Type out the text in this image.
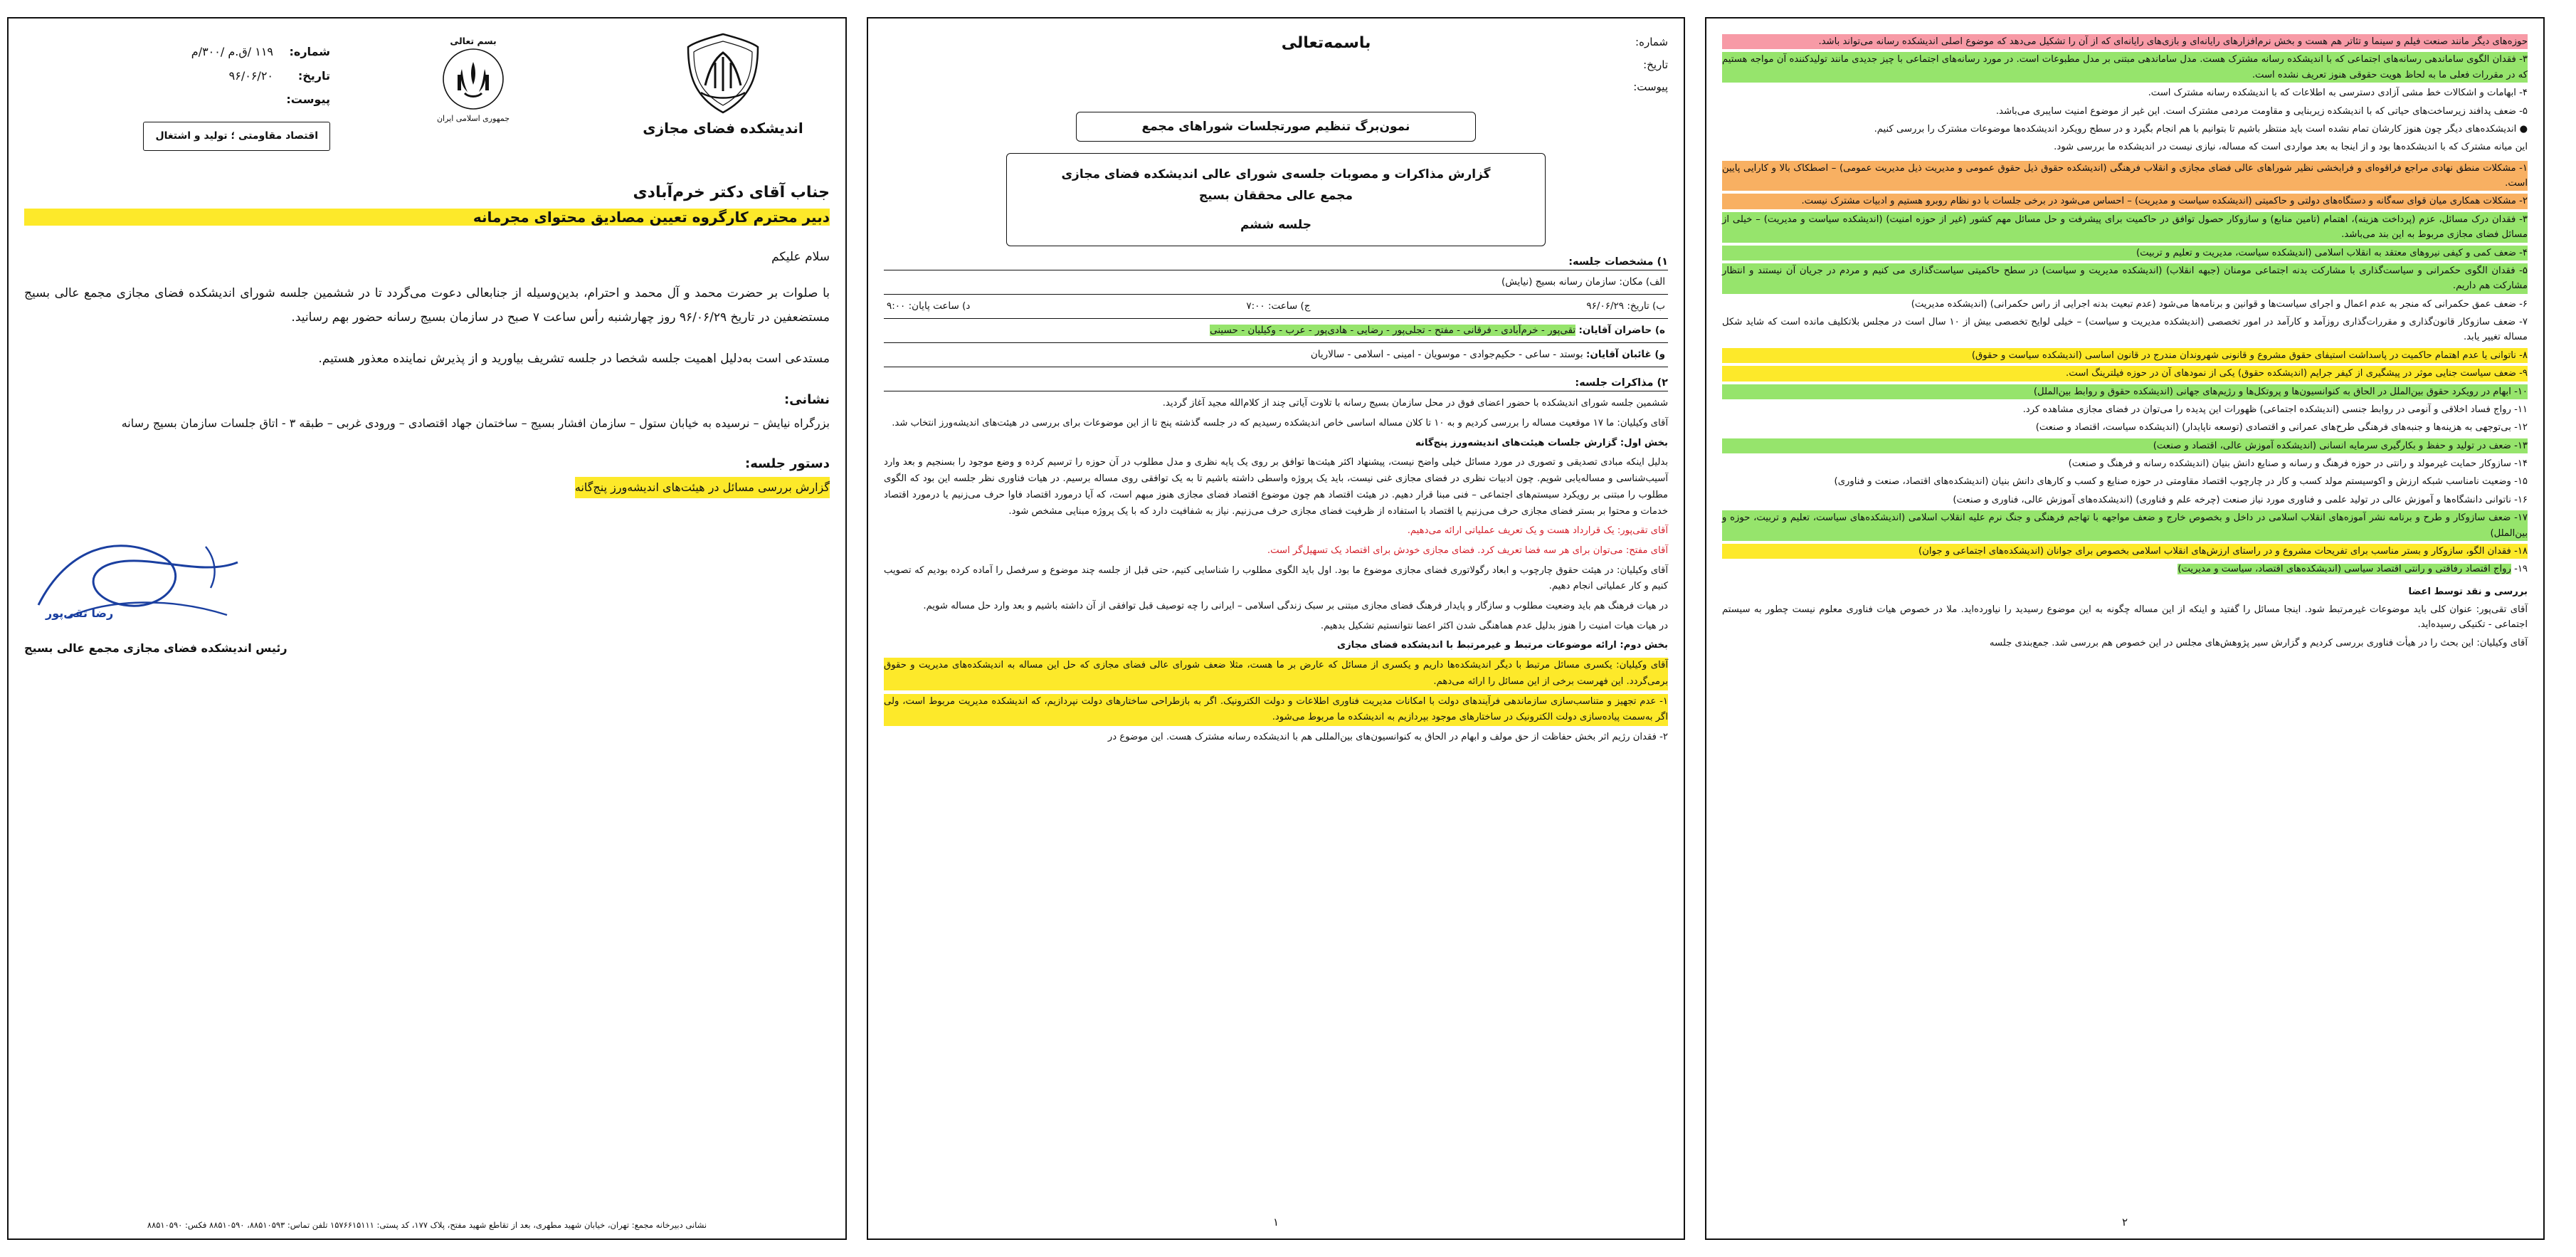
اندیشکده فضای مجازی
بسم تعالی
جمهوری اسلامی ایران
شماره:
۱۱۹ /ق.م /۳۰۰/م
تاریخ:
۹۶/۰۶/۲۰
پیوست:
اقتصاد مقاومتی ؛ تولید و اشتغال
جناب آقای دکتر خرم‌آبادی
دبیر محترم کارگروه تعیین مصادیق محتوای مجرمانه
سلام علیکم
با صلوات بر حضرت محمد و آل محمد و احترام، بدین‌وسیله از جنابعالی دعوت می‌گردد تا در ششمین جلسه شورای اندیشکده فضای مجازی مجمع عالی بسیج مستضعفین در تاریخ ۹۶/۰۶/۲۹ روز چهارشنبه رأس ساعت ۷ صبح در سازمان بسیج رسانه حضور بهم رسانید.
مستدعی است به‌دلیل اهمیت جلسه شخصا در جلسه تشریف بیاورید و از پذیرش نماینده معذور هستیم.
نشانی:
بزرگراه نیایش – نرسیده به خیابان ستول – سازمان افشار بسیج – ساختمان جهاد اقتصادی – ورودی غربی – طبقه ۳ - اتاق جلسات سازمان بسیج رسانه
دستور جلسه:
گزارش بررسی مسائل در هیئت‌های اندیشه‌ورز پنج‌گانه
رضا تقی‌پور
رئیس اندیشکده فضای مجازی مجمع عالی بسیج
نشانی دبیرخانه مجمع: تهران، خیابان شهید مطهری، بعد از تقاطع شهید مفتح، پلاک ۱۷۷، کد پستی: ۱۵۷۶۶۱۵۱۱۱ تلفن تماس: ۸۸۵۱۰۵۹۳، ۸۸۵۱۰۵۹۰ فکس: ۸۸۵۱۰۵۹۰
شماره:
تاریخ:
پیوست:
باسمه‌تعالی
نمون‌برگ تنظیم صورتجلسات شوراهای مجمع
گزارش مذاکرات و مصوبات جلسه‌ی شورای عالی اندیشکده فضای مجازی
مجمع عالی محققان بسیج
جلسه ششم
۱) مشخصات جلسه:
الف) مکان: سازمان رسانه بسیج (نیایش)
ب) تاریخ: ۹۶/۰۶/۲۹
ج) ساعت: ۷:۰۰
د) ساعت پایان: ۹:۰۰
ه) حاضران آقایان: تقی‌پور - خرم‌آبادی - فرقانی - مفتح - تجلی‌پور - رضایی - هادی‌پور - عرب - وکیلیان - حسینی
و) غائبان آقایان: بوستد - ساعی - حکیم‌جوادی - موسویان - امینی - اسلامی - سالاریان
۲) مذاکرات جلسه:

ششمین جلسه شورای اندیشکده با حضور اعضای فوق در محل سازمان بسیج رسانه با تلاوت آیاتی چند از کلام‌الله مجید آغاز گردید.

آقای وکیلیان: ما ۱۷ موقعیت مساله را بررسی کردیم و به ۱۰ تا کلان مساله اساسی خاص اندیشکده رسیدیم که در جلسه گذشته پنج تا از این موضوعات برای بررسی در هیئت‌های اندیشه‌ورز انتخاب شد.

بخش اول: گزارش جلسات هیئت‌های اندیشه‌ورز پنج‌گانه

بدلیل اینکه مبادی تصدیقی و تصوری در مورد مسائل خیلی واضح نیست، پیشنهاد اکثر هیئت‌ها توافق بر روی یک پایه نظری و مدل مطلوب در آن حوزه را ترسیم کرده و وضع موجود را بسنجیم و بعد وارد آسیب‌شناسی و مساله‌یابی شویم. چون ادبیات نظری در فضای مجازی غنی نیست، باید یک پروژه واسطی داشته باشیم تا به یک توافقی روی مساله برسیم. در هیات فناوری نظر جلسه این بود که الگوی مطلوب را مبتنی بر رویکرد سیستم‌های اجتماعی – فنی مبنا قرار دهیم. در هیئت اقتصاد هم چون موضوع اقتصاد فضای مجازی هنوز مبهم است، که آیا درمورد اقتصاد فاوا حرف می‌زنیم یا درمورد اقتصاد خدمات و محتوا بر بستر فضای مجازی حرف می‌زنیم یا اقتصاد با استفاده از ظرفیت فضای مجازی حرف می‌زنیم. نیاز به شفافیت دارد که با یک پروژه مبنایی مشخص شود.

آقای تقی‌پور: یک قرارداد هست و یک تعریف عملیاتی ارائه می‌دهیم.

آقای مفتح: می‌توان برای هر سه فضا تعریف کرد. فضای مجازی خودش برای اقتصاد یک تسهیل‌گر است.

آقای وکیلیان: در هیئت حقوق چارچوب و ابعاد رگولاتوری فضای مجازی موضوع ما بود. اول باید الگوی مطلوب را شناسایی کنیم، حتی قبل از جلسه چند موضوع و سرفصل را آماده کرده بودیم که تصویب کنیم و کار عملیاتی انجام دهیم.

در هیات فرهنگ هم باید وضعیت مطلوب و سازگار و پایدار فرهنگ فضای مجازی مبتنی بر سبک زندگی اسلامی – ایرانی را چه توصیف قبل توافقی از آن داشته باشیم و بعد وارد حل مساله شویم.

در هیات هیات امنیت را هنوز بدلیل عدم هماهنگی شدن اکثر اعضا نتوانستیم تشکیل بدهیم.

بخش دوم: ارائه موضوعات مرتبط و غیرمرتبط با اندیشکده فضای مجازی

آقای وکیلیان: یکسری مسائل مرتبط با دیگر اندیشکده‌ها داریم و یکسری از مسائل که عارض بر ما هست، مثلا ضعف شورای عالی فضای مجازی که حل این مساله به اندیشکده‌های مدیریت و حقوق برمی‌گردد. این فهرست برخی از این مسائل را ارائه می‌دهم.

۱- عدم تجهیز و متناسب‌سازی سازماندهی فرآیندهای دولت با امکانات مدیریت فناوری اطلاعات و دولت الکترونیک. اگر به بازطراحی ساختارهای دولت نپردازیم، که اندیشکده مدیریت مربوط است، ولی اگر به‌سمت پیاده‌سازی دولت الکترونیک در ساختارهای موجود بپردازیم به اندیشکده ما مربوط می‌شود.

۲- فقدان رژیم اثر بخش حفاظت از حق مولف و ابهام در الحاق به کنوانسیون‌های بین‌المللی هم با اندیشکده رسانه مشترک هست. این موضوع در

۱

حوزه‌های دیگر مانند صنعت فیلم و سینما و تئاتر هم هست و بخش نرم‌افزارهای رایانه‌ای و بازی‌های رایانه‌ای که از آن را تشکیل می‌دهد که موضوع اصلی اندیشکده رسانه می‌تواند باشد.

۳- فقدان الگوی ساماندهی رسانه‌های اجتماعی که با اندیشکده رسانه مشترک هست. مدل ساماندهی مبتنی بر مدل مطبوعات است. در مورد رسانه‌های اجتماعی با چیز جدیدی مانند تولیدکننده آن مواجه هستیم که در مقررات فعلی ما به لحاظ هویت حقوقی هنوز تعریف نشده است.

۴- ابهامات و اشکالات خط مشی آزادی دسترسی به اطلاعات که با اندیشکده رسانه مشترک است.

۵- ضعف پدافند زیرساخت‌های حیاتی که با اندیشکده زیربنایی و مقاومت مردمی مشترک است. این غیر از موضوع امنیت سایبری می‌باشد.

● اندیشکده‌های دیگر چون هنوز کارشان تمام نشده است باید منتظر باشیم تا بتوانیم با هم انجام بگیرد و در سطح رویکرد اندیشکده‌ها موضوعات مشترک را بررسی کنیم.

این میانه مشترک که با اندیشکده‌ها بود و از اینجا به بعد مواردی است که مساله، نیازی نیست در اندیشکده ما بررسی شود.

۱- مشکلات منطق نهادی مراجع فراقوه‌ای و فرابخشی نظیر شوراهای عالی فضای مجازی و انقلاب فرهنگی (اندیشکده حقوق ذیل حقوق عمومی و مدیریت ذیل مدیریت عمومی) – اصطکاک بالا و کارایی پایین است.

۲- مشکلات همکاری میان قوای سه‌گانه و دستگاه‌های دولتی و حاکمیتی (اندیشکده سیاست و مدیریت) – احساس می‌شود در برخی جلسات با دو نظام روبرو هستیم و ادبیات مشترک نیست.

۳- فقدان درک مسائل، عزم (پرداخت هزینه)، اهتمام (تامین منابع) و سازوکار حصول توافق در حاکمیت برای پیشرفت و حل مسائل مهم کشور (غیر از حوزه امنیت) (اندیشکده سیاست و مدیریت) – خیلی از مسائل فضای مجازی مربوط به این بند می‌باشد.

۴- ضعف کمی و کیفی نیروهای معتقد به انقلاب اسلامی (اندیشکده سیاست، مدیریت و تعلیم و تربیت)

۵- فقدان الگوی حکمرانی و سیاست‌گذاری با مشارکت بدنه اجتماعی مومنان (جبهه انقلاب) (اندیشکده مدیریت و سیاست) در سطح حاکمیتی سیاست‌گذاری می کنیم و مردم در جریان آن نیستند و انتظار مشارکت هم داریم.

۶- ضعف عمق حکمرانی که منجر به عدم اعمال و اجرای سیاست‌ها و قوانین و برنامه‌ها می‌شود (عدم تبعیت بدنه اجرایی از راس حکمرانی) (اندیشکده مدیریت)

۷- ضعف سازوکار قانون‌گذاری و مقررات‌گذاری روزآمد و کارآمد در امور تخصصی (اندیشکده مدیریت و سیاست) – خیلی لوایح تخصصی بیش از ۱۰ سال است در مجلس بلاتکلیف مانده است که شاید شکل مساله تغییر یابد.

۸- ناتوانی یا عدم اهتمام حاکمیت در پاسداشت استیفای حقوق مشروع و قانونی شهروندان مندرج در قانون اساسی (اندیشکده سیاست و حقوق)

۹- ضعف سیاست جنایی موثر در پیشگیری از کیفر جرایم (اندیشکده حقوق) یکی از نمودهای آن در حوزه فیلترینگ است.

۱۰- ابهام در رویکرد حقوق بین‌الملل در الحاق به کنوانسیون‌ها و پروتکل‌ها و رژیم‌های جهانی (اندیشکده حقوق و روابط بین‌الملل)

۱۱- رواج فساد اخلاقی و آنومی در روابط جنسی (اندیشکده اجتماعی) ظهورات این پدیده را می‌توان در فضای مجازی مشاهده کرد.

۱۲- بی‌توجهی به هزینه‌ها و جنبه‌های فرهنگی طرح‌های عمرانی و اقتصادی (توسعه ناپایدار) (اندیشکده سیاست، اقتصاد و صنعت)

۱۳- ضعف در تولید و حفظ و بکارگیری سرمایه انسانی (اندیشکده آموزش عالی، اقتصاد و صنعت)

۱۴- سازوکار حمایت غیرمولد و رانتی در حوزه فرهنگ و رسانه و صنایع دانش بنیان (اندیشکده رسانه و فرهنگ و صنعت)

۱۵- وضعیت نامناسب شبکه ارزش و اکوسیستم مولد کسب و کار در چارچوب اقتصاد مقاومتی در حوزه صنایع و کسب و کارهای دانش بنیان (اندیشکده‌های اقتصاد، صنعت و فناوری)

۱۶- ناتوانی دانشگاه‌ها و آموزش عالی در تولید علمی و فناوری مورد نیاز صنعت (چرخه علم و فناوری) (اندیشکده‌های آموزش عالی، فناوری و صنعت)

۱۷- ضعف سازوکار و طرح و برنامه نشر آموزه‌های انقلاب اسلامی در داخل و بخصوص خارج و ضعف مواجهه با تهاجم فرهنگی و جنگ نرم علیه انقلاب اسلامی (اندیشکده‌های سیاست، تعلیم و تربیت، حوزه و بین‌الملل)

۱۸- فقدان الگو، سازوکار و بستر مناسب برای تفریحات مشروع و در راستای ارزش‌های انقلاب اسلامی بخصوص برای جوانان (اندیشکده‌های اجتماعی و جوان)

۱۹- رواج اقتصاد رفاقتی و رانتی اقتصاد سیاسی (اندیشکده‌های اقتصاد، سیاست و مدیریت)

بررسی و نقد توسط اعضا

آقای تقی‌پور: عنوان کلی باید موضوعات غیرمرتبط شود. اینجا مسائل را گفتید و اینکه از این مساله چگونه به این موضوع رسیدید را نیاورده‌اید. ملا در خصوص هیات فناوری معلوم نیست چطور به سیستم اجتماعی - تکنیکی رسیده‌اید.

آقای وکیلیان: این بحث را در هیأت فناوری بررسی کردیم و گزارش سیر پژوهش‌های مجلس در این خصوص هم بررسی شد. جمع‌بندی جلسه

۲
